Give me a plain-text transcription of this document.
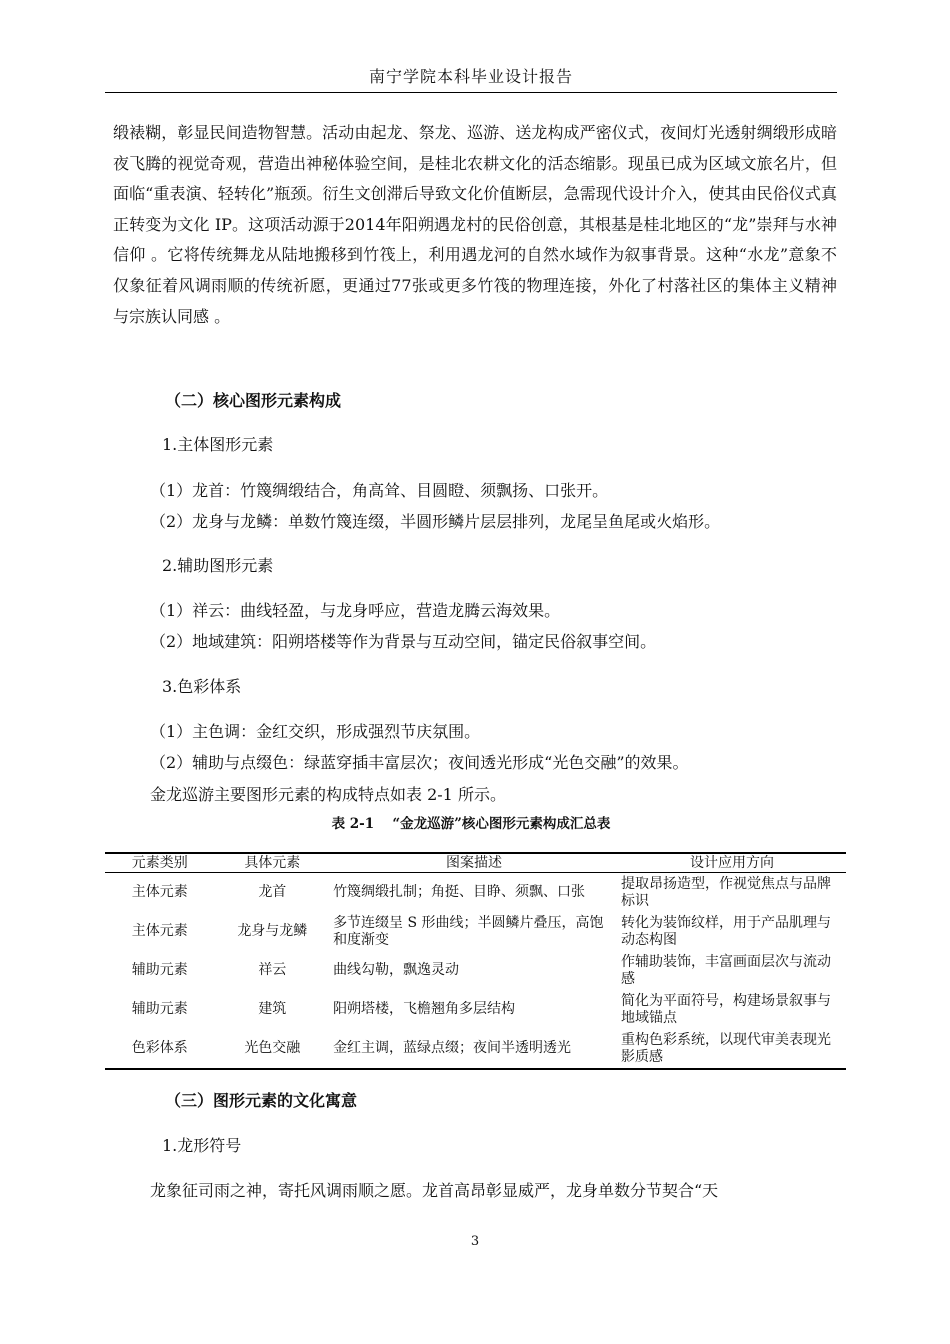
南宁学院本科毕业设计报告
缎裱糊，彰显民间造物智慧。活动由起龙、祭龙、巡游、送龙构成严密仪式，夜间灯光透射绸缎形成暗夜飞腾的视觉奇观，营造出神秘体验空间，是桂北农耕文化的活态缩影。现虽已成为区域文旅名片，但面临“重表演、轻转化”瓶颈。衍生文创滞后导致文化价值断层，急需现代设计介入，使其由民俗仪式真正转变为文化 IP。这项活动源于2014年阳朔遇龙村的民俗创意，其根基是桂北地区的“龙”崇拜与水神信仰 。它将传统舞龙从陆地搬移到竹筏上，利用遇龙河的自然水域作为叙事背景。这种“水龙”意象不仅象征着风调雨顺的传统祈愿，更通过77张或更多竹筏的物理连接，外化了村落社区的集体主义精神与宗族认同感 。
（二）核心图形元素构成
1.主体图形元素
（1）龙首：竹篾绸缎结合，角高耸、目圆瞪、须飘扬、口张开。
（2）龙身与龙鳞：单数竹篾连缀，半圆形鳞片层层排列，龙尾呈鱼尾或火焰形。
2.辅助图形元素
（1）祥云：曲线轻盈，与龙身呼应，营造龙腾云海效果。
（2）地域建筑：阳朔塔楼等作为背景与互动空间，锚定民俗叙事空间。
3.色彩体系
（1）主色调：金红交织，形成强烈节庆氛围。
（2）辅助与点缀色：绿蓝穿插丰富层次；夜间透光形成“光色交融”的效果。
金龙巡游主要图形元素的构成特点如表 2-1 所示。
表 2-1 　“金龙巡游”核心图形元素构成汇总表
元素类别	具体元素	图案描述	设计应用方向
主体元素	龙首	竹篾绸缎扎制；角挺、目睁、须飘、口张	提取昂扬造型，作视觉焦点与品牌标识
主体元素	龙身与龙鳞	多节连缀呈 S 形曲线；半圆鳞片叠压，高饱和度渐变	转化为装饰纹样，用于产品肌理与动态构图
辅助元素	祥云	曲线勾勒，飘逸灵动	作辅助装饰，丰富画面层次与流动感
辅助元素	建筑	阳朔塔楼，飞檐翘角多层结构	简化为平面符号，构建场景叙事与地域锚点
色彩体系	光色交融	金红主调，蓝绿点缀；夜间半透明透光	重构色彩系统，以现代审美表现光影质感
（三）图形元素的文化寓意
1.龙形符号
龙象征司雨之神，寄托风调雨顺之愿。龙首高昂彰显威严，龙身单数分节契合“天
3
